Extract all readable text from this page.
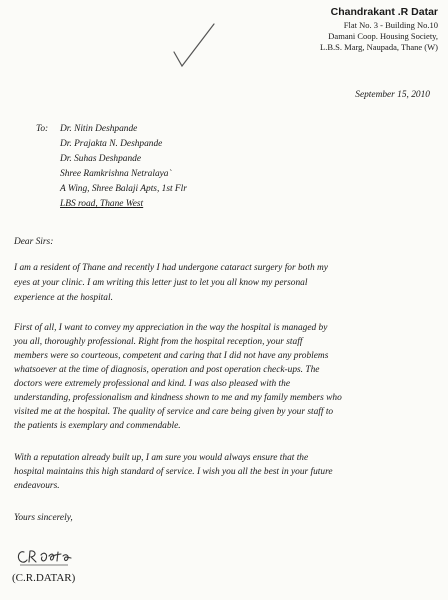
Chandrakant .R Datar
Flat No. 3 - Building No.10
Damani Coop. Housing Society,
L.B.S. Marg, Naupada, Thane (W)
September 15, 2010
To: Dr. Nitin Deshpande
Dr. Prajakta N. Deshpande
Dr. Suhas Deshpande
Shree Ramkrishna Netralaya`
A Wing, Shree Balaji Apts, 1st Flr
LBS road, Thane West
Dear Sirs:
I am a resident of Thane and recently I had undergone cataract surgery for both my
eyes at your clinic. I am writing this letter just to let you all know my personal
experience at the hospital.
First of all, I want to convey my appreciation in the way the hospital is managed by
you all, thoroughly professional. Right from the hospital reception, your staff
members were so courteous, competent and caring that I did not have any problems
whatsoever at the time of diagnosis, operation and post operation check-ups. The
doctors were extremely professional and kind. I was also pleased with the
understanding, professionalism and kindness shown to me and my family members who
visited me at the hospital. The quality of service and care being given by your staff to
the patients is exemplary and commendable.
With a reputation already built up, I am sure you would always ensure that the
hospital maintains this high standard of service. I wish you all the best in your future
endeavours.
Yours sincerely,
(C.R.DATAR)
